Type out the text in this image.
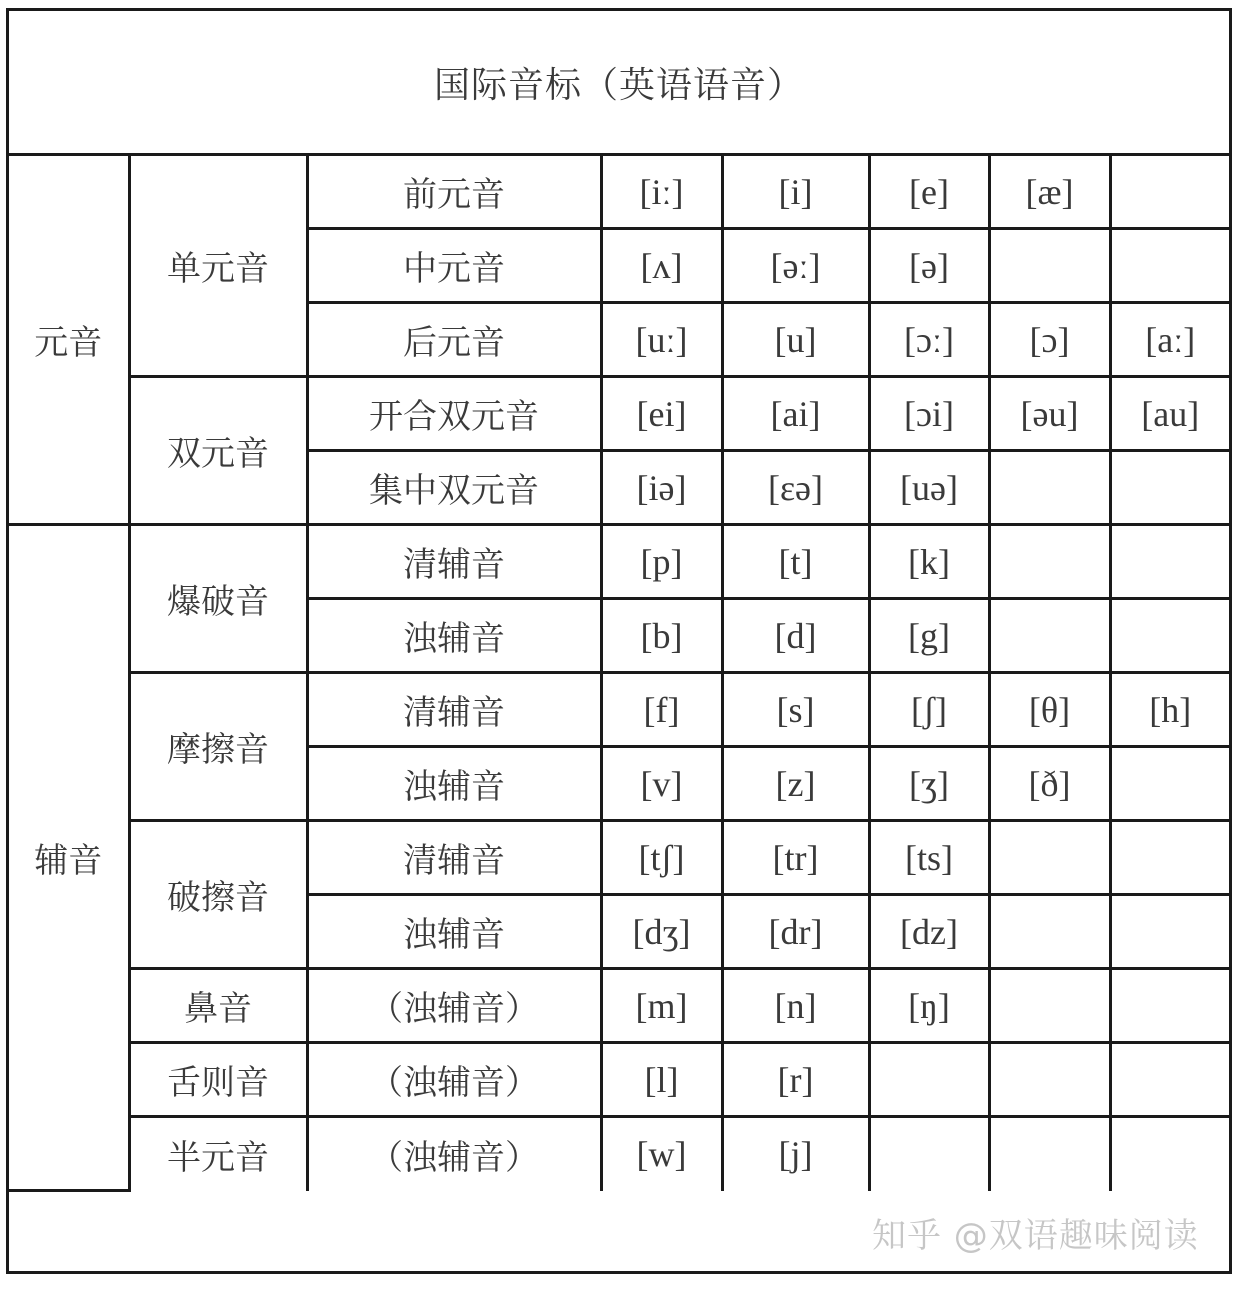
国际音标（英语语音）
元音	单元音	前元音	[iː]	[i]	[e]	[æ]	
		中元音	[ʌ]	[əː]	[ə]		
		后元音	[uː]	[u]	[ɔː]	[ɔ]	[aː]
	双元音	开合双元音	[ei]	[ai]	[ɔi]	[əu]	[au]
		集中双元音	[iə]	[εə]	[uə]		
辅音	爆破音	清辅音	[p]	[t]	[k]		
		浊辅音	[b]	[d]	[g]		
	摩擦音	清辅音	[f]	[s]	[ʃ]	[θ]	[h]
		浊辅音	[v]	[z]	[ʒ]	[ð]	
	破擦音	清辅音	[tʃ]	[tr]	[ts]		
		浊辅音	[dʒ]	[dr]	[dz]		
	鼻音	（浊辅音）	[m]	[n]	[ŋ]		
	舌则音	（浊辅音）	[l]	[r]			
	半元音	（浊辅音）	[w]	[j]			
知乎 @双语趣味阅读
